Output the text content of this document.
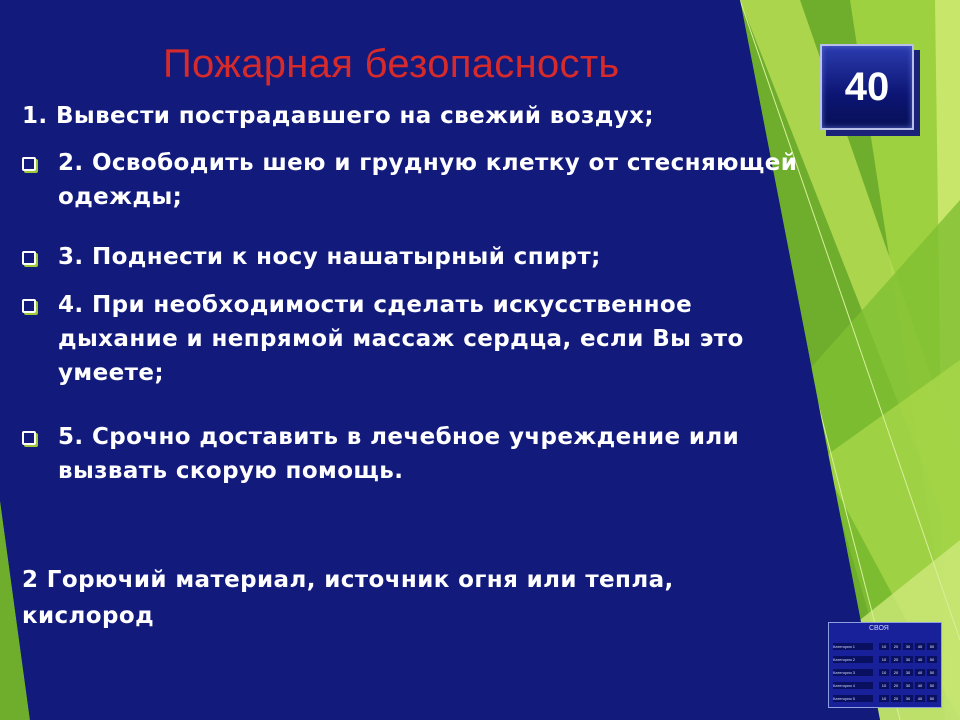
Пожарная безопасность
40
1. Вывести пострадавшего на свежий воздух;
2. Освободить шею и грудную клетку от стесняющей
одежды;
3. Поднести к носу нашатырный спирт;
4. При необходимости сделать искусственное
дыхание и непрямой массаж сердца, если Вы это
умеете;
5. Срочно доставить в лечебное учреждение или
вызвать скорую помощь.
2 Горючий материал, источник огня или тепла,
кислород	СВОЯ
Категория 1	10	20	30	40	50
Категория 2	10	20	30	40	50
Категория 3	10	20	30	40	50
Категория 4	10	20	30	40	50
Категория 5	10	20	30	40	50
